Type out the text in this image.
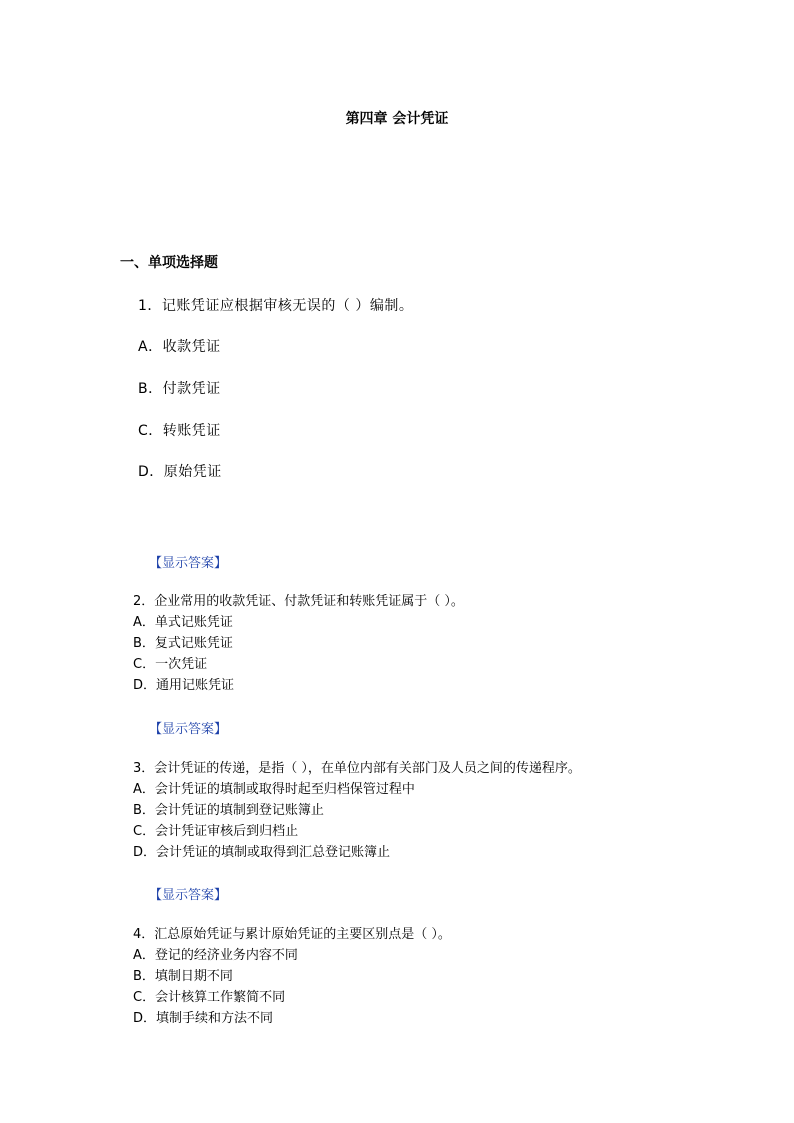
第四章 会计凭证
一、单项选择题
1．记账凭证应根据审核无误的（ ）编制。
A．收款凭证
B．付款凭证
C．转账凭证
D．原始凭证
【显示答案】
2．企业常用的收款凭证、付款凭证和转账凭证属于（ ）。
A．单式记账凭证
B．复式记账凭证
C．一次凭证
D．通用记账凭证
【显示答案】
3．会计凭证的传递，是指（ ），在单位内部有关部门及人员之间的传递程序。
A．会计凭证的填制或取得时起至归档保管过程中
B．会计凭证的填制到登记账簿止
C．会计凭证审核后到归档止
D．会计凭证的填制或取得到汇总登记账簿止
【显示答案】
4．汇总原始凭证与累计原始凭证的主要区别点是（ ）。
A．登记的经济业务内容不同
B．填制日期不同
C．会计核算工作繁简不同
D．填制手续和方法不同
